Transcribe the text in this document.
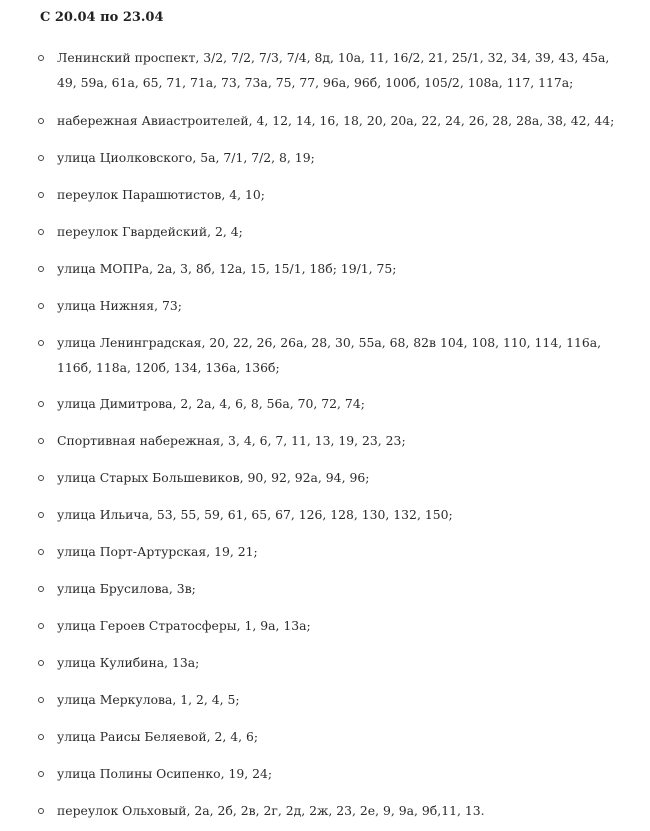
С 20.04 по 23.04
Ленинский проспект, 3/2, 7/2, 7/3, 7/4, 8д, 10а, 11, 16/2, 21, 25/1, 32, 34, 39, 43, 45а,
49, 59а, 61а, 65, 71, 71а, 73, 73а, 75, 77, 96а, 96б, 100б, 105/2, 108а, 117, 117а;
набережная Авиастроителей, 4, 12, 14, 16, 18, 20, 20а, 22, 24, 26, 28, 28а, 38, 42, 44;
улица Циолковского, 5а, 7/1, 7/2, 8, 19;
переулок Парашютистов, 4, 10;
переулок Гвардейский, 2, 4;
улица МОПРа, 2а, 3, 8б, 12а, 15, 15/1, 18б; 19/1, 75;
улица Нижняя, 73;
улица Ленинградская, 20, 22, 26, 26а, 28, 30, 55а, 68, 82в 104, 108, 110, 114, 116а,
116б, 118а, 120б, 134, 136а, 136б;
улица Димитрова, 2, 2а, 4, 6, 8, 56а, 70, 72, 74;
Спортивная набережная, 3, 4, 6, 7, 11, 13, 19, 23, 23;
улица Старых Большевиков, 90, 92, 92а, 94, 96;
улица Ильича, 53, 55, 59, 61, 65, 67, 126, 128, 130, 132, 150;
улица Порт-Артурская, 19, 21;
улица Брусилова, 3в;
улица Героев Стратосферы, 1, 9а, 13а;
улица Кулибина, 13а;
улица Меркулова, 1, 2, 4, 5;
улица Раисы Беляевой, 2, 4, 6;
улица Полины Осипенко, 19, 24;
переулок Ольховый, 2а, 2б, 2в, 2г, 2д, 2ж, 23, 2е, 9, 9а, 9б,11, 13.
